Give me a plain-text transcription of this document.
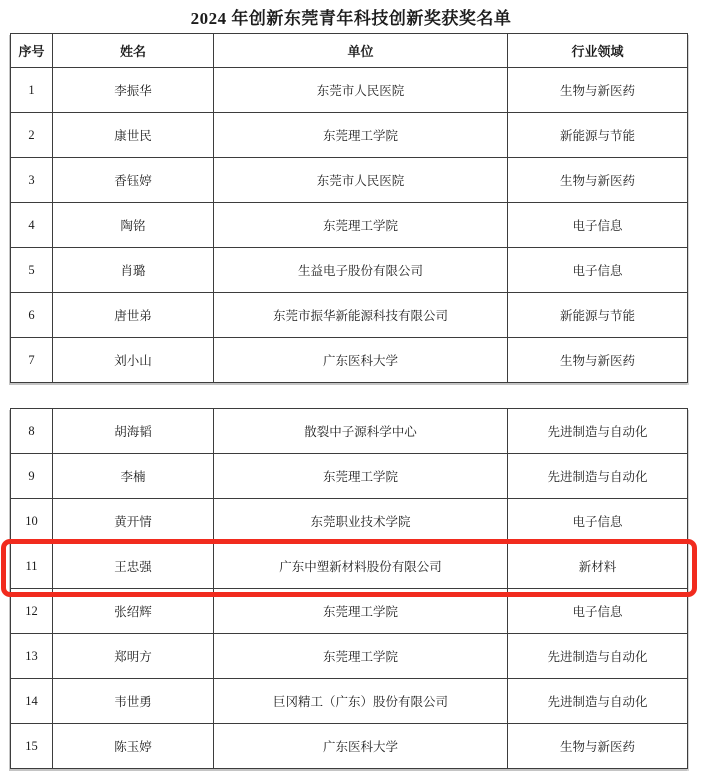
2024 年创新东莞青年科技创新奖获奖名单
序号	姓名	单位	行业领域
1	李振华	东莞市人民医院	生物与新医药
2	康世民	东莞理工学院	新能源与节能
3	香钰婷	东莞市人民医院	生物与新医药
4	陶铭	东莞理工学院	电子信息
5	肖璐	生益电子股份有限公司	电子信息
6	唐世弟	东莞市振华新能源科技有限公司	新能源与节能
7	刘小山	广东医科大学	生物与新医药
8	胡海韬	散裂中子源科学中心	先进制造与自动化
9	李楠	东莞理工学院	先进制造与自动化
10	黄开情	东莞职业技术学院	电子信息
11	王忠强	广东中塑新材料股份有限公司	新材料
12	张绍辉	东莞理工学院	电子信息
13	郑明方	东莞理工学院	先进制造与自动化
14	韦世勇	巨冈精工（广东）股份有限公司	先进制造与自动化
15	陈玉婷	广东医科大学	生物与新医药
